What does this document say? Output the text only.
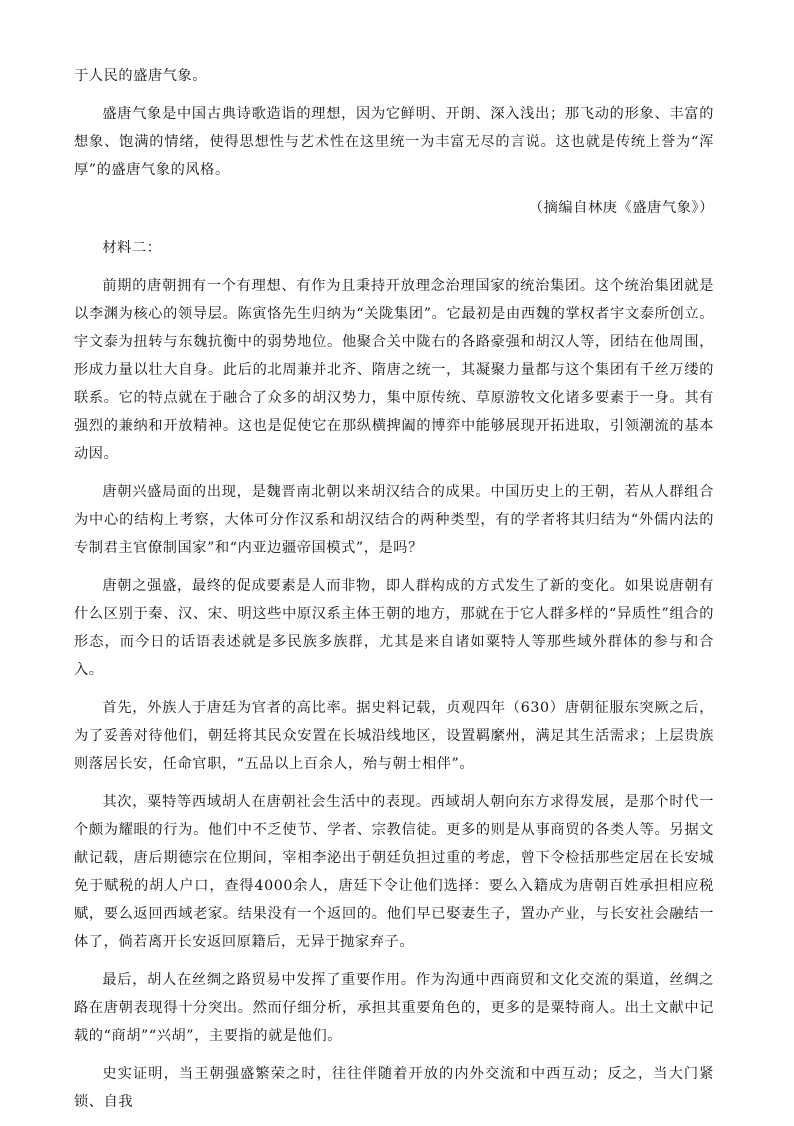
于人民的盛唐气象。

盛唐气象是中国古典诗歌造诣的理想，因为它鲜明、开朗、深入浅出；那飞动的形象、丰富的想象、饱满的情绪，使得思想性与艺术性在这里统一为丰富无尽的言说。这也就是传统上誉为“浑厚”的盛唐气象的风格。

（摘编自林庚《盛唐气象》）

材料二：

前期的唐朝拥有一个有理想、有作为且秉持开放理念治理国家的统治集团。这个统治集团就是以李渊为核心的领导层。陈寅恪先生归纳为“关陇集团”。它最初是由西魏的掌权者宇文泰所创立。宇文泰为扭转与东魏抗衡中的弱势地位。他聚合关中陇右的各路豪强和胡汉人等，团结在他周围，形成力量以壮大自身。此后的北周兼并北齐、隋唐之统一，其凝聚力量都与这个集团有千丝万缕的联系。它的特点就在于融合了众多的胡汉势力，集中原传统、草原游牧文化诸多要素于一身。其有强烈的兼纳和开放精神。这也是促使它在那纵横捭阖的博弈中能够展现开拓进取，引领潮流的基本动因。

唐朝兴盛局面的出现，是魏晋南北朝以来胡汉结合的成果。中国历史上的王朝，若从人群组合为中心的结构上考察，大体可分作汉系和胡汉结合的两种类型，有的学者将其归结为“外儒内法的专制君主官僚制国家”和“内亚边疆帝国模式”，是吗？

唐朝之强盛，最终的促成要素是人而非物，即人群构成的方式发生了新的变化。如果说唐朝有什么区别于秦、汉、宋、明这些中原汉系主体王朝的地方，那就在于它人群多样的“异质性”组合的形态，而今日的话语表述就是多民族多族群，尤其是来自诸如粟特人等那些域外群体的参与和合入。

首先，外族人于唐廷为官者的高比率。据史料记载，贞观四年（630）唐朝征服东突厥之后，为了妥善对待他们，朝廷将其民众安置在长城沿线地区，设置羁縻州，满足其生活需求；上层贵族则落居长安，任命官职，“五品以上百余人，殆与朝士相伴”。

其次，粟特等西域胡人在唐朝社会生活中的表现。西域胡人朝向东方求得发展，是那个时代一个颇为耀眼的行为。他们中不乏使节、学者、宗教信徒。更多的则是从事商贸的各类人等。另据文献记载，唐后期德宗在位期间，宰相李泌出于朝廷负担过重的考虑，曾下令检括那些定居在长安城免于赋税的胡人户口，查得4000余人，唐廷下令让他们选择：要么入籍成为唐朝百姓承担相应税赋，要么返回西域老家。结果没有一个返回的。他们早已娶妻生子，置办产业，与长安社会融结一体了，倘若离开长安返回原籍后，无异于抛家弃子。

最后，胡人在丝绸之路贸易中发挥了重要作用。作为沟通中西商贸和文化交流的渠道，丝绸之路在唐朝表现得十分突出。然而仔细分析，承担其重要角色的，更多的是粟特商人。出土文献中记载的“商胡”“兴胡”，主要指的就是他们。

史实证明，当王朝强盛繁荣之时，往往伴随着开放的内外交流和中西互动；反之，当大门紧锁、自我
